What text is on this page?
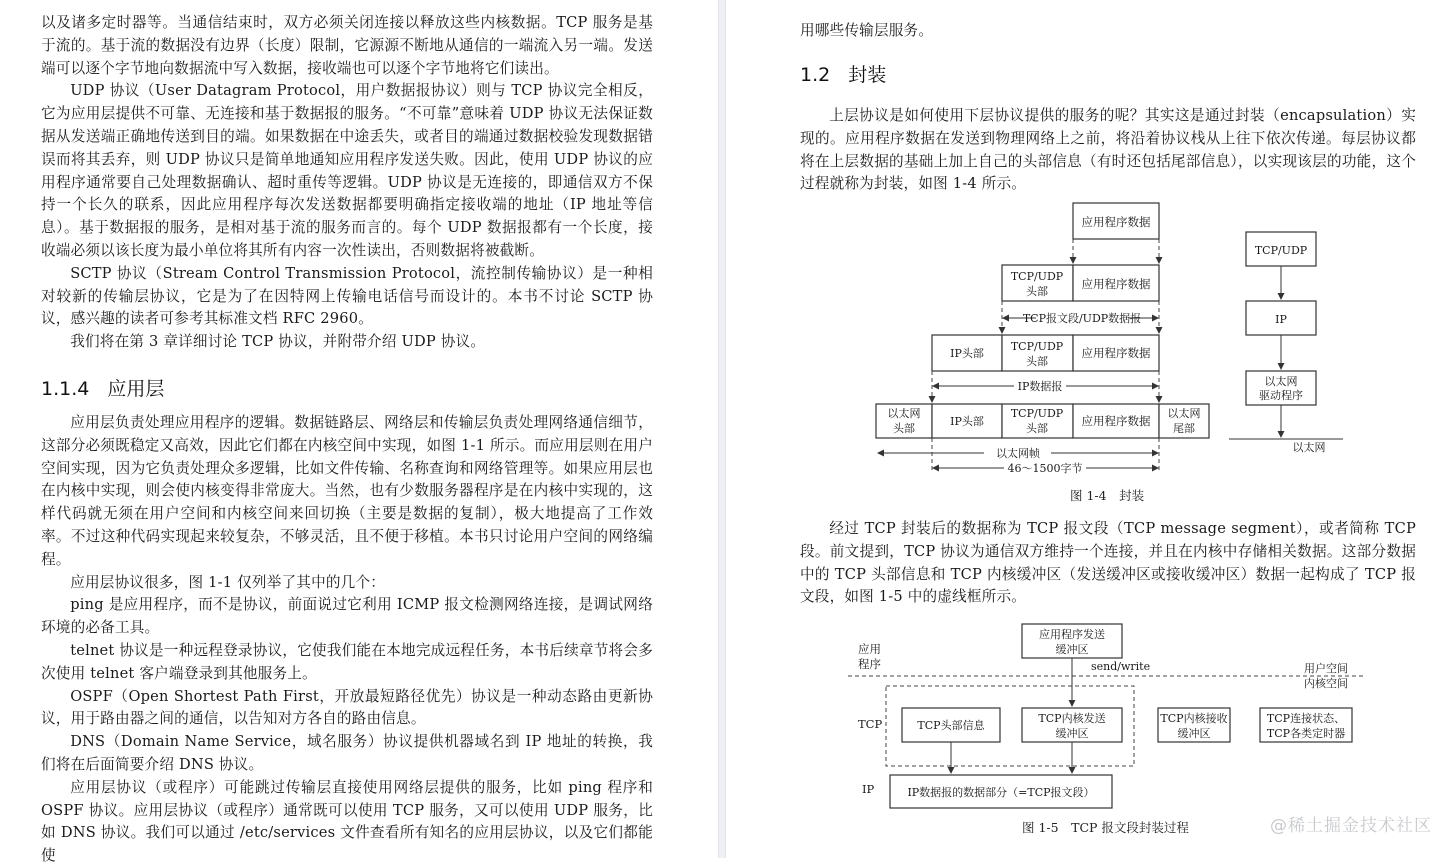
以及诸多定时器等。当通信结束时，双方必须关闭连接以释放这些内核数据。TCP 服务是基于流的。基于流的数据没有边界（长度）限制，它源源不断地从通信的一端流入另一端。发送端可以逐个字节地向数据流中写入数据，接收端也可以逐个字节地将它们读出。

UDP 协议（User Datagram Protocol，用户数据报协议）则与 TCP 协议完全相反，它为应用层提供不可靠、无连接和基于数据报的服务。“不可靠”意味着 UDP 协议无法保证数据从发送端正确地传送到目的端。如果数据在中途丢失，或者目的端通过数据校验发现数据错误而将其丢弃，则 UDP 协议只是简单地通知应用程序发送失败。因此，使用 UDP 协议的应用程序通常要自己处理数据确认、超时重传等逻辑。UDP 协议是无连接的，即通信双方不保持一个长久的联系，因此应用程序每次发送数据都要明确指定接收端的地址（IP 地址等信息）。基于数据报的服务，是相对基于流的服务而言的。每个 UDP 数据报都有一个长度，接收端必须以该长度为最小单位将其所有内容一次性读出，否则数据将被截断。

SCTP 协议（Stream Control Transmission Protocol，流控制传输协议）是一种相对较新的传输层协议，它是为了在因特网上传输电话信号而设计的。本书不讨论 SCTP 协议，感兴趣的读者可参考其标准文档 RFC 2960。

我们将在第 3 章详细讨论 TCP 协议，并附带介绍 UDP 协议。

1.1.4 应用层

应用层负责处理应用程序的逻辑。数据链路层、网络层和传输层负责处理网络通信细节，这部分必须既稳定又高效，因此它们都在内核空间中实现，如图 1-1 所示。而应用层则在用户空间实现，因为它负责处理众多逻辑，比如文件传输、名称查询和网络管理等。如果应用层也在内核中实现，则会使内核变得非常庞大。当然，也有少数服务器程序是在内核中实现的，这样代码就无须在用户空间和内核空间来回切换（主要是数据的复制），极大地提高了工作效率。不过这种代码实现起来较复杂，不够灵活，且不便于移植。本书只讨论用户空间的网络编程。

应用层协议很多，图 1-1 仅列举了其中的几个：

ping 是应用程序，而不是协议，前面说过它利用 ICMP 报文检测网络连接，是调试网络环境的必备工具。

telnet 协议是一种远程登录协议，它使我们能在本地完成远程任务，本书后续章节将会多次使用 telnet 客户端登录到其他服务上。

OSPF（Open Shortest Path First，开放最短路径优先）协议是一种动态路由更新协议，用于路由器之间的通信，以告知对方各自的路由信息。

DNS（Domain Name Service，域名服务）协议提供机器域名到 IP 地址的转换，我们将在后面简要介绍 DNS 协议。

应用层协议（或程序）可能跳过传输层直接使用网络层提供的服务，比如 ping 程序和 OSPF 协议。应用层协议（或程序）通常既可以使用 TCP 服务，又可以使用 UDP 服务，比如 DNS 协议。我们可以通过 /etc/services 文件查看所有知名的应用层协议，以及它们都能使

用哪些传输层服务。

1.2 封装

上层协议是如何使用下层协议提供的服务的呢？其实这是通过封装（encapsulation）实现的。应用程序数据在发送到物理网络上之前，将沿着协议栈从上往下依次传递。每层协议都将在上层数据的基础上加上自己的头部信息（有时还包括尾部信息），以实现该层的功能，这个过程就称为封装，如图 1-4 所示。

应用程序数据
TCP/UDP
头部
应用程序数据
TCP报文段/UDP数据报
IP头部
TCP/UDP
头部
应用程序数据
IP数据报
以太网
头部
IP头部
TCP/UDP
头部
应用程序数据
以太网
尾部
以太网帧
46～1500字节
TCP/UDP
IP
以太网
驱动程序
以太网
图 1-4　封装

经过 TCP 封装后的数据称为 TCP 报文段（TCP message segment），或者简称 TCP 段。前文提到，TCP 协议为通信双方维持一个连接，并且在内核中存储相关数据。这部分数据中的 TCP 头部信息和 TCP 内核缓冲区（发送缓冲区或接收缓冲区）数据一起构成了 TCP 报文段，如图 1-5 中的虚线框所示。

应用
程序
TCP
IP
应用程序发送
缓冲区
send/write	用户空间
内核空间
TCP头部信息
TCP内核发送
缓冲区
TCP内核接收
缓冲区
TCP连接状态、
TCP各类定时器
IP数据报的数据部分（=TCP报文段）
图 1-5　TCP 报文段封装过程	@稀土掘金技术社区
